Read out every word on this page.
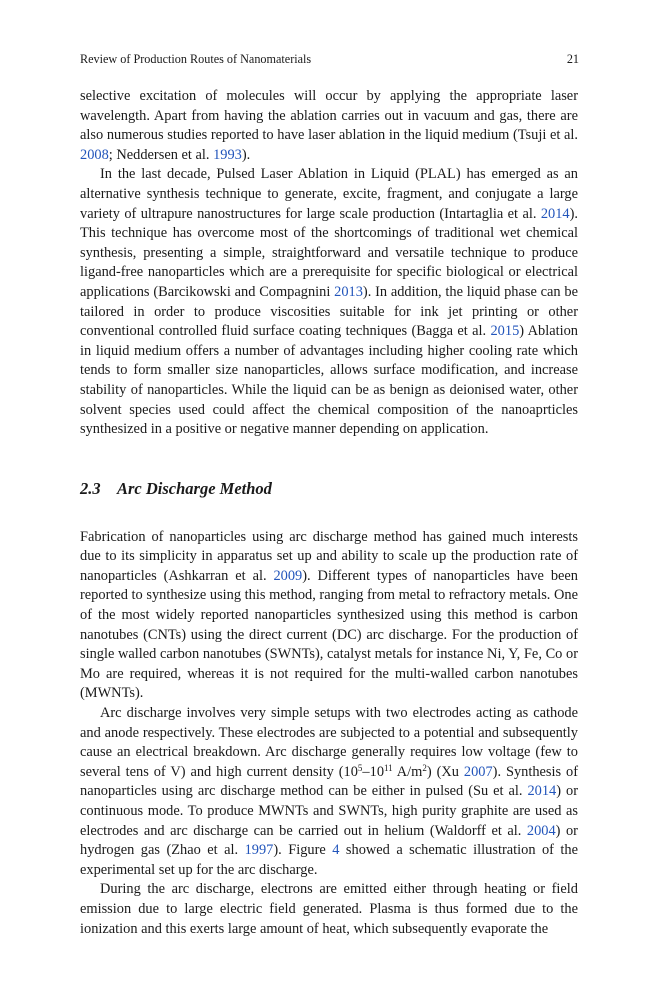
Review of Production Routes of Nanomaterials	21

selective excitation of molecules will occur by applying the appropriate laser wavelength. Apart from having the ablation carries out in vacuum and gas, there are also numerous studies reported to have laser ablation in the liquid medium (Tsuji et al. 2008; Neddersen et al. 1993).

In the last decade, Pulsed Laser Ablation in Liquid (PLAL) has emerged as an alternative synthesis technique to generate, excite, fragment, and conjugate a large variety of ultrapure nanostructures for large scale production (Intartaglia et al. 2014). This technique has overcome most of the shortcomings of traditional wet chemical synthesis, presenting a simple, straightforward and versatile technique to produce ligand-free nanoparticles which are a prerequisite for specific biological or electrical applications (Barcikowski and Compagnini 2013). In addition, the liquid phase can be tailored in order to produce viscosities suitable for ink jet printing or other conventional controlled fluid surface coating techniques (Bagga et al. 2015) Ablation in liquid medium offers a number of advantages including higher cooling rate which tends to form smaller size nanoparticles, allows surface modification, and increase stability of nanoparticles. While the liquid can be as benign as deionised water, other solvent species used could affect the chemical composition of the nanoaprticles synthesized in a positive or negative manner depending on application.

2.3 Arc Discharge Method

Fabrication of nanoparticles using arc discharge method has gained much interests due to its simplicity in apparatus set up and ability to scale up the production rate of nanoparticles (Ashkarran et al. 2009). Different types of nanoparticles have been reported to synthesize using this method, ranging from metal to refractory metals. One of the most widely reported nanoparticles synthesized using this method is carbon nanotubes (CNTs) using the direct current (DC) arc discharge. For the production of single walled carbon nanotubes (SWNTs), catalyst metals for instance Ni, Y, Fe, Co or Mo are required, whereas it is not required for the multi-walled carbon nanotubes (MWNTs).

Arc discharge involves very simple setups with two electrodes acting as cathode and anode respectively. These electrodes are subjected to a potential and subsequently cause an electrical breakdown. Arc discharge generally requires low voltage (few to several tens of V) and high current density ($10^5-10^{11}$ $A/m^2$) (Xu 2007). Synthesis of nanoparticles using arc discharge method can be either in pulsed (Su et al. 2014) or continuous mode. To produce MWNTs and SWNTs, high purity graphite are used as electrodes and arc discharge can be carried out in helium (Waldorff et al. 2004) or hydrogen gas (Zhao et al. 1997). Figure 4 showed a schematic illustration of the experimental set up for the arc discharge.

During the arc discharge, electrons are emitted either through heating or field emission due to large electric field generated. Plasma is thus formed due to the ionization and this exerts large amount of heat, which subsequently evaporate the
